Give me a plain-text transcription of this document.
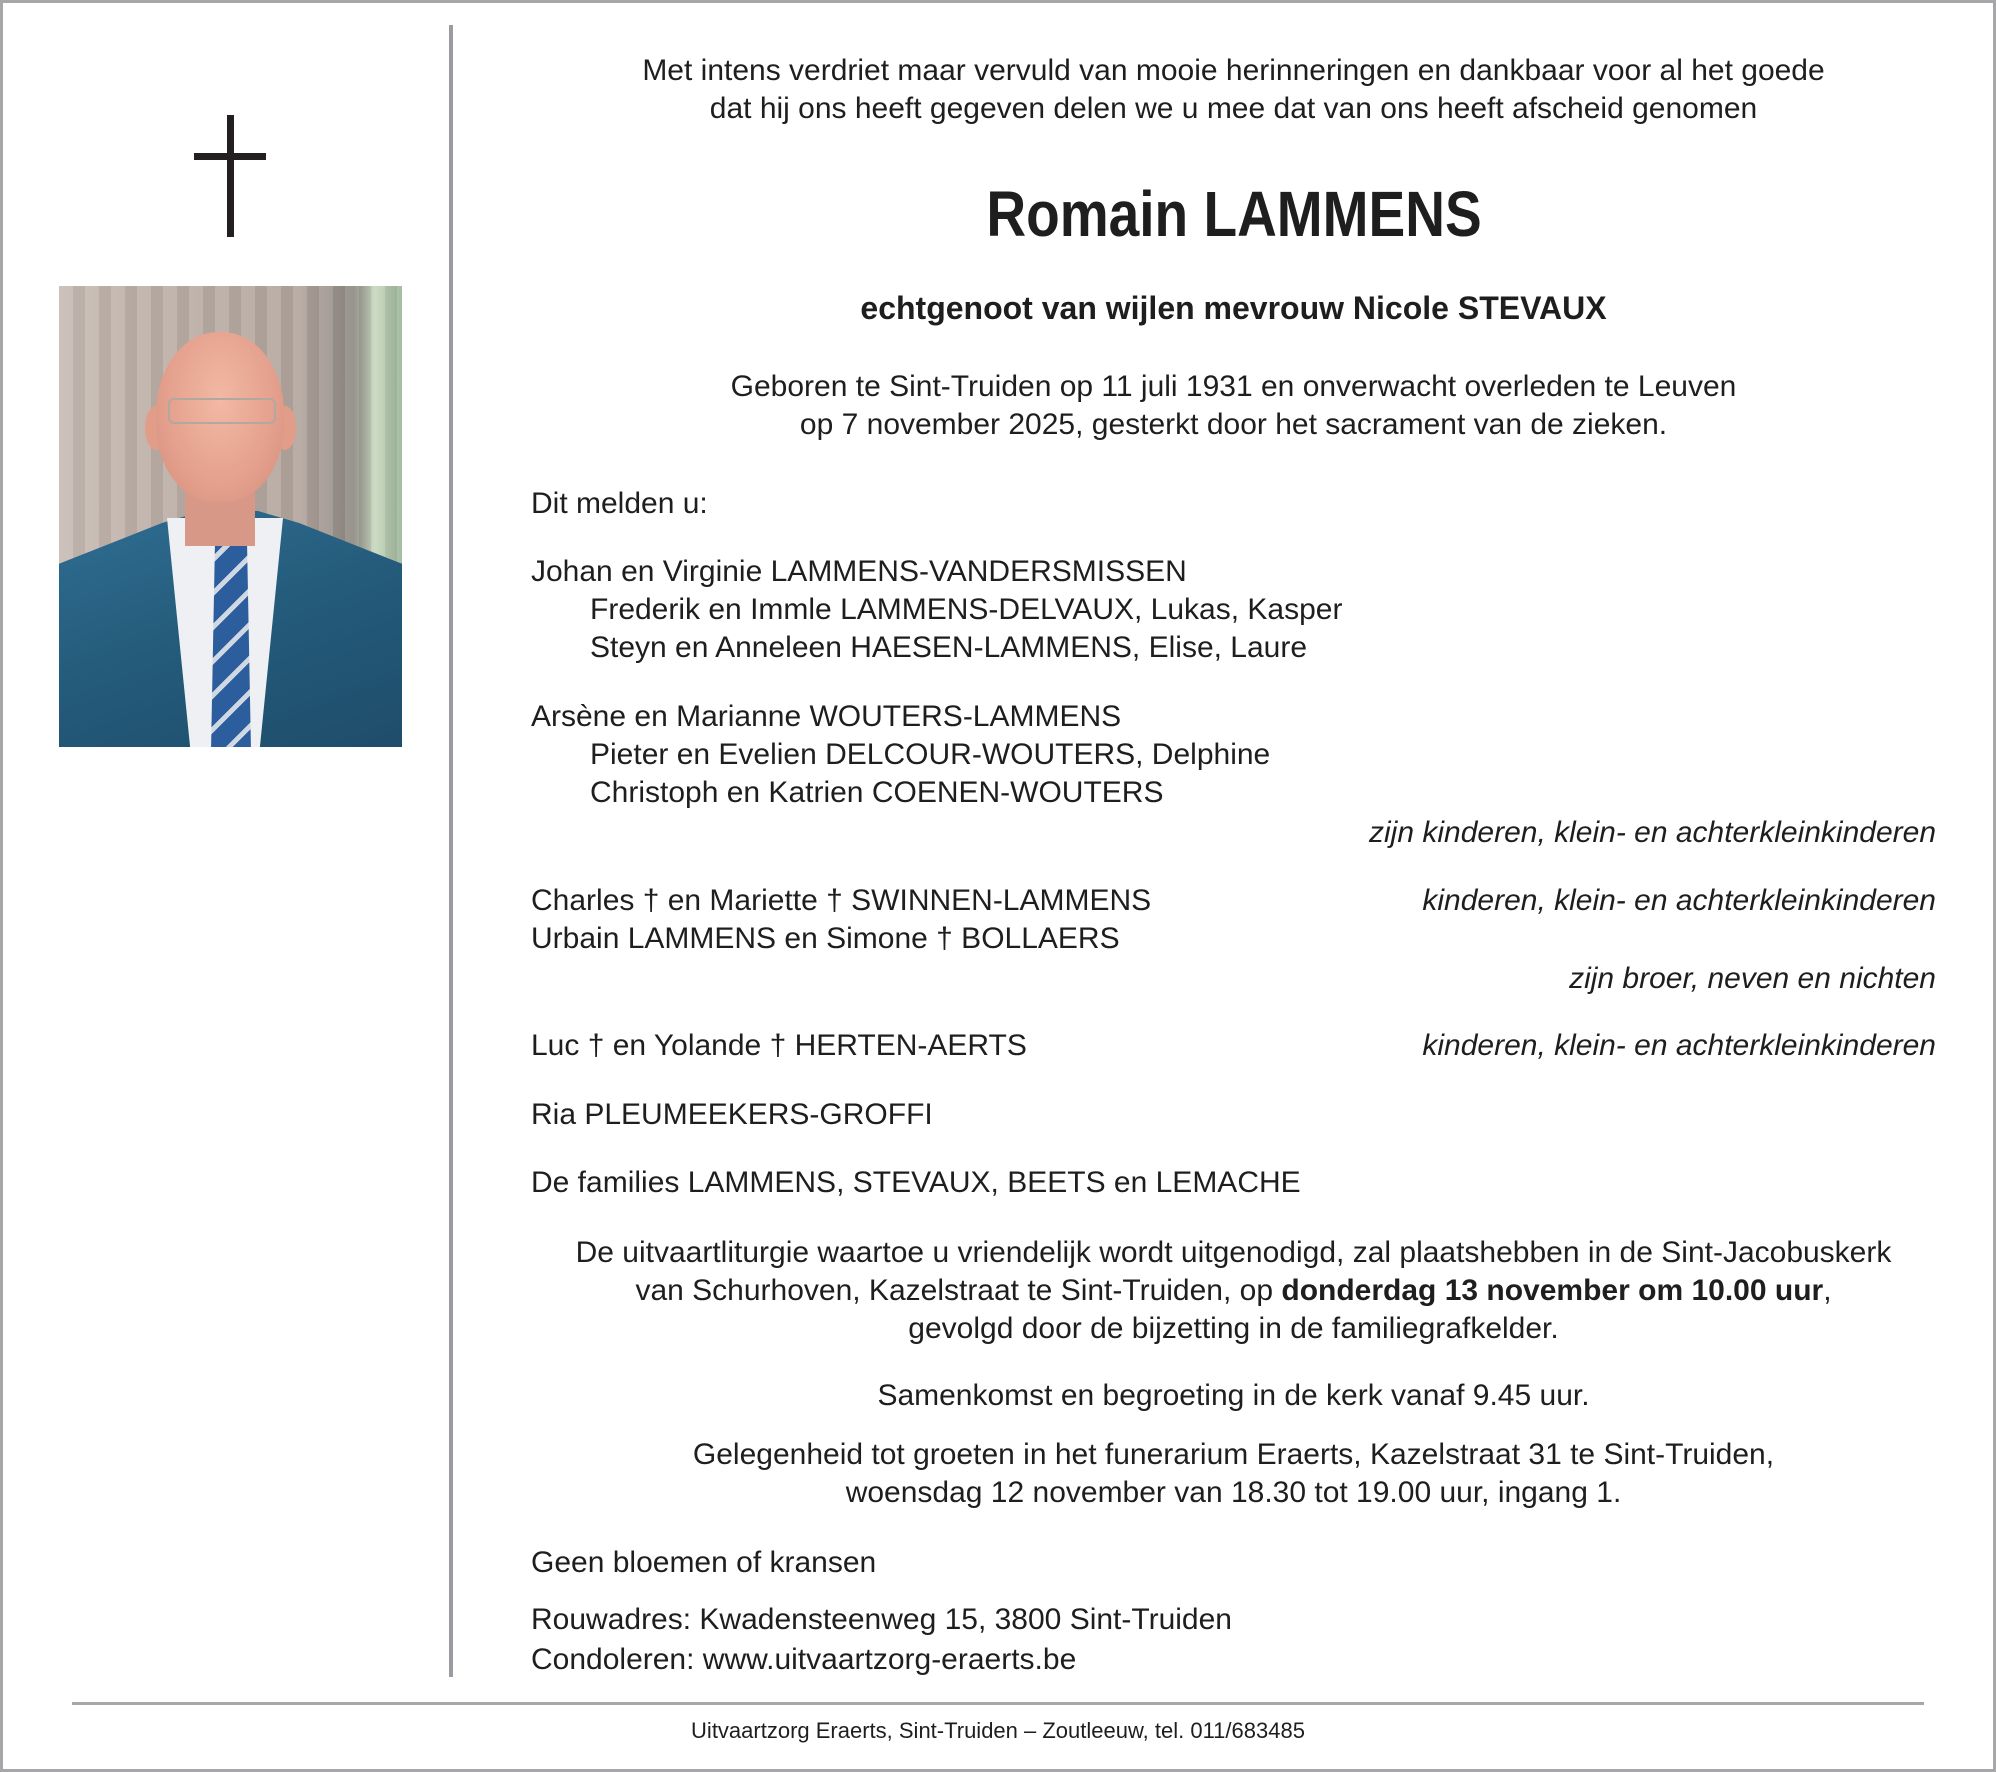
Met intens verdriet maar vervuld van mooie herinneringen en dankbaar voor al het goede
dat hij ons heeft gegeven delen we u mee dat van ons heeft afscheid genomen
Romain LAMMENS
echtgenoot van wijlen mevrouw Nicole STEVAUX
Geboren te Sint-Truiden op 11 juli 1931 en onverwacht overleden te Leuven
op 7 november 2025, gesterkt door het sacrament van de zieken.
Dit melden u:
Johan en Virginie LAMMENS-VANDERSMISSEN
Frederik en Immle LAMMENS-DELVAUX, Lukas, Kasper
Steyn en Anneleen HAESEN-LAMMENS, Elise, Laure
Arsène en Marianne WOUTERS-LAMMENS
Pieter en Evelien DELCOUR-WOUTERS, Delphine
Christoph en Katrien COENEN-WOUTERS
zijn kinderen, klein- en achterkleinkinderen
Charles † en Mariette † SWINNEN-LAMMENS	kinderen, klein- en achterkleinkinderen
Urbain LAMMENS en Simone † BOLLAERS
zijn broer, neven en nichten
Luc † en Yolande † HERTEN-AERTS	kinderen, klein- en achterkleinkinderen
Ria PLEUMEEKERS-GROFFI
De families LAMMENS, STEVAUX, BEETS en LEMACHE
De uitvaartliturgie waartoe u vriendelijk wordt uitgenodigd, zal plaatshebben in de Sint-Jacobuskerk
van Schurhoven, Kazelstraat te Sint-Truiden, op donderdag 13 november om 10.00 uur,
gevolgd door de bijzetting in de familiegrafkelder.
Samenkomst en begroeting in de kerk vanaf 9.45 uur.
Gelegenheid tot groeten in het funerarium Eraerts, Kazelstraat 31 te Sint-Truiden,
woensdag 12 november van 18.30 tot 19.00 uur, ingang 1.
Geen bloemen of kransen
Rouwadres: Kwadensteenweg 15, 3800 Sint-Truiden
Condoleren: www.uitvaartzorg-eraerts.be
Uitvaartzorg Eraerts, Sint-Truiden – Zoutleeuw, tel. 011/683485
